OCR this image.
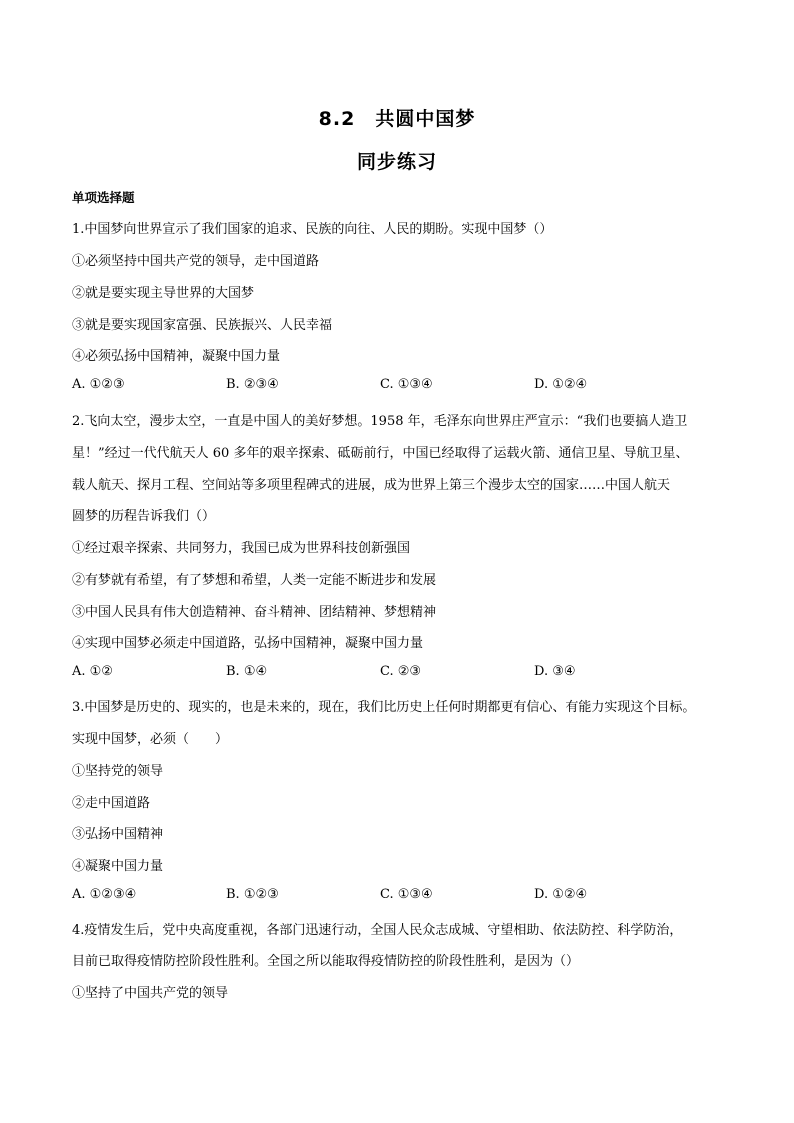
8.2　共圆中国梦
同步练习
单项选择题
1.中国梦向世界宣示了我们国家的追求、民族的向往、人民的期盼。实现中国梦（）
①必须坚持中国共产党的领导，走中国道路
②就是要实现主导世界的大国梦
③就是要实现国家富强、民族振兴、人民幸福
④必须弘扬中国精神，凝聚中国力量
A. ①②③	B. ②③④	C. ①③④	D. ①②④
2.飞向太空，漫步太空，一直是中国人的美好梦想。1958 年，毛泽东向世界庄严宣示：“我们也要搞人造卫
星！”经过一代代航天人 60 多年的艰辛探索、砥砺前行，中国已经取得了运载火箭、通信卫星、导航卫星、
载人航天、探月工程、空间站等多项里程碑式的进展，成为世界上第三个漫步太空的国家……中国人航天
圆梦的历程告诉我们（）
①经过艰辛探索、共同努力，我国已成为世界科技创新强国
②有梦就有希望，有了梦想和希望，人类一定能不断进步和发展
③中国人民具有伟大创造精神、奋斗精神、团结精神、梦想精神
④实现中国梦必须走中国道路，弘扬中国精神，凝聚中国力量
A. ①②	B. ①④	C. ②③	D. ③④
3.中国梦是历史的、现实的，也是未来的，现在，我们比历史上任何时期都更有信心、有能力实现这个目标。
实现中国梦，必须（　　）
①坚持党的领导
②走中国道路
③弘扬中国精神
④凝聚中国力量
A. ①②③④	B. ①②③	C. ①③④	D. ①②④
4.疫情发生后，党中央高度重视，各部门迅速行动，全国人民众志成城、守望相助、依法防控、科学防治，
目前已取得疫情防控阶段性胜利。全国之所以能取得疫情防控的阶段性胜利，是因为（）
①坚持了中国共产党的领导
